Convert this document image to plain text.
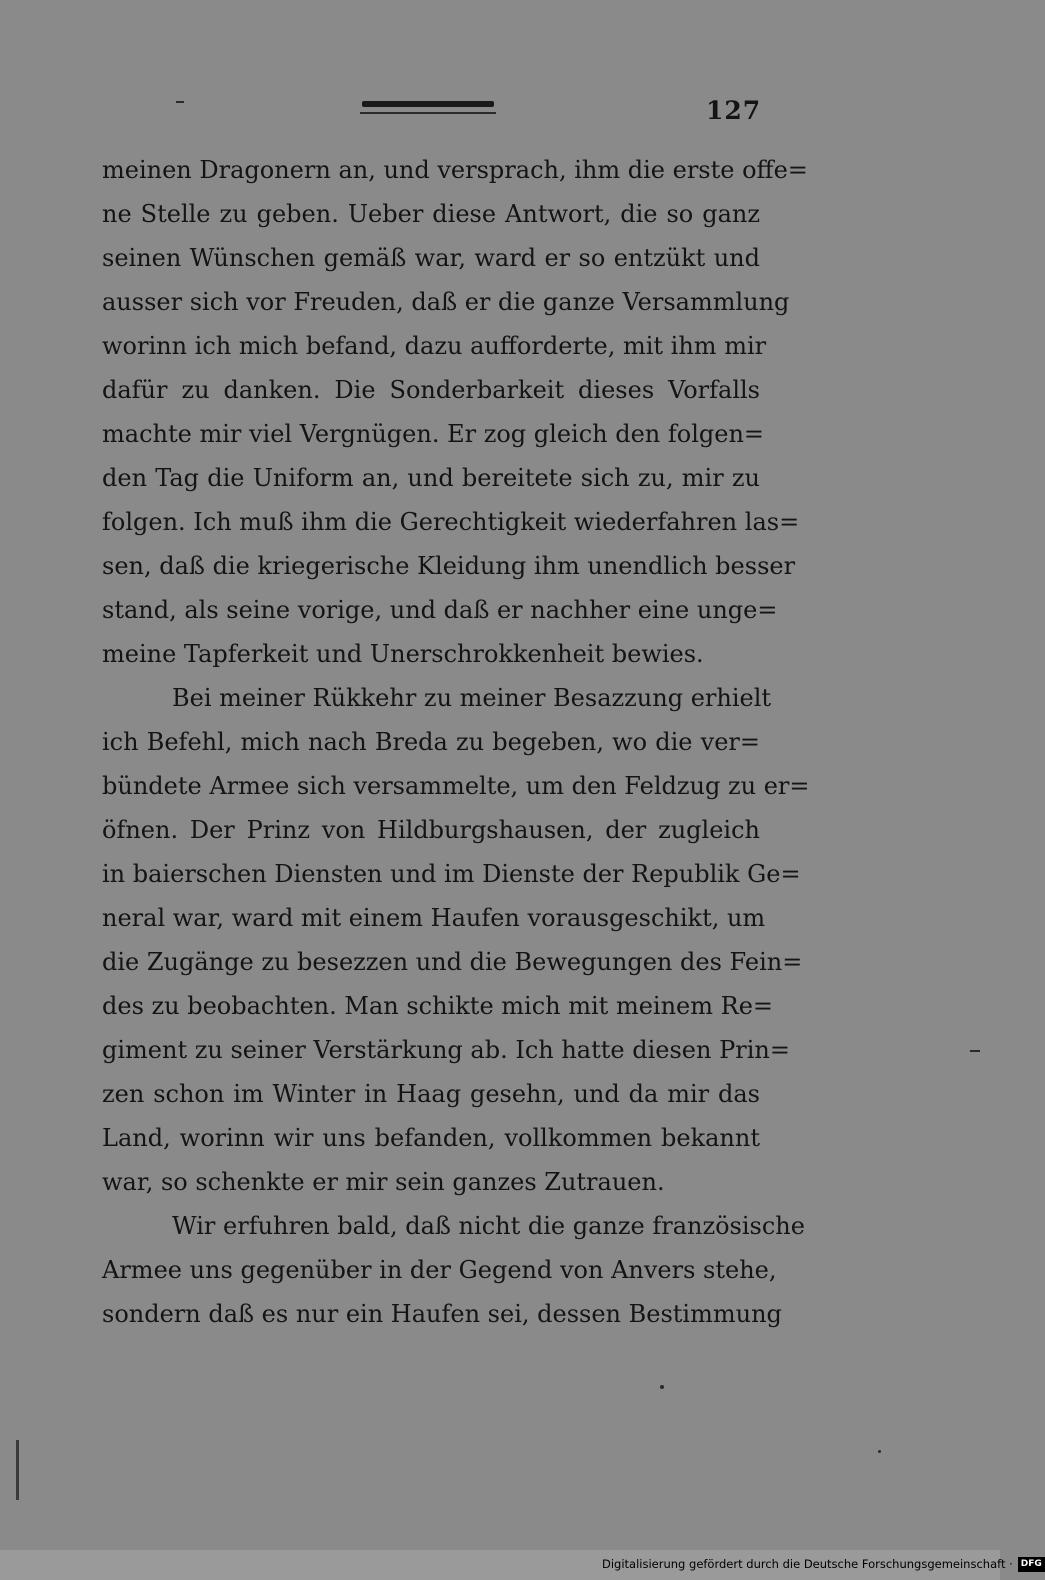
127
meinen Dragonern an, und versprach, ihm die erste offe=
ne Stelle zu geben. Ueber diese Antwort, die so ganz
seinen Wünschen gemäß war, ward er so entzükt und
ausser sich vor Freuden, daß er die ganze Versammlung
worinn ich mich befand, dazu aufforderte, mit ihm mir
dafür zu danken. Die Sonderbarkeit dieses Vorfalls
machte mir viel Vergnügen. Er zog gleich den folgen=
den Tag die Uniform an, und bereitete sich zu, mir zu
folgen. Ich muß ihm die Gerechtigkeit wiederfahren las=
sen, daß die kriegerische Kleidung ihm unendlich besser
stand, als seine vorige, und daß er nachher eine unge=
meine Tapferkeit und Unerschrokkenheit bewies.
Bei meiner Rükkehr zu meiner Besazzung erhielt
ich Befehl, mich nach Breda zu begeben, wo die ver=
bündete Armee sich versammelte, um den Feldzug zu er=
öfnen. Der Prinz von Hildburgshausen, der zugleich
in baierschen Diensten und im Dienste der Republik Ge=
neral war, ward mit einem Haufen vorausgeschikt, um
die Zugänge zu besezzen und die Bewegungen des Fein=
des zu beobachten. Man schikte mich mit meinem Re=
giment zu seiner Verstärkung ab. Ich hatte diesen Prin=
zen schon im Winter in Haag gesehn, und da mir das
Land, worinn wir uns befanden, vollkommen bekannt
war, so schenkte er mir sein ganzes Zutrauen.
Wir erfuhren bald, daß nicht die ganze französische
Armee uns gegenüber in der Gegend von Anvers stehe,
sondern daß es nur ein Haufen sei, dessen Bestimmung
Digitalisierung gefördert durch die Deutsche Forschungsgemeinschaft · DFG
